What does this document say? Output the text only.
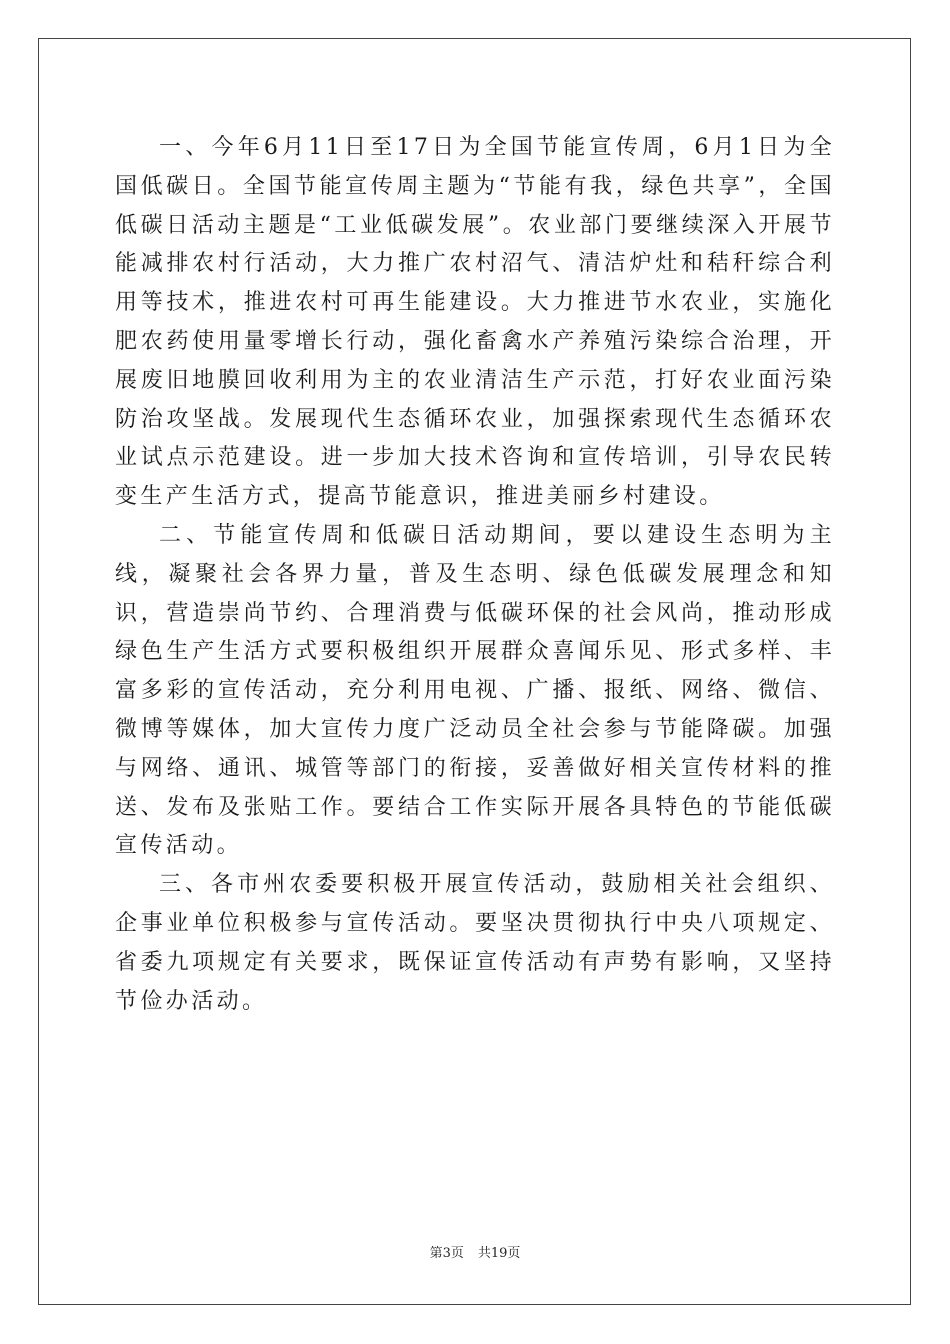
一、今年6月11日至17日为全国节能宣传周，6月1日为全国低碳日。全国节能宣传周主题为“节能有我，绿色共享”，全国低碳日活动主题是“工业低碳发展”。农业部门要继续深入开展节能减排农村行活动，大力推广农村沼气、清洁炉灶和秸秆综合利用等技术，推进农村可再生能建设。大力推进节水农业，实施化肥农药使用量零增长行动，强化畜禽水产养殖污染综合治理，开展废旧地膜回收利用为主的农业清洁生产示范，打好农业面污染防治攻坚战。发展现代生态循环农业，加强探索现代生态循环农业试点示范建设。进一步加大技术咨询和宣传培训，引导农民转变生产生活方式，提高节能意识，推进美丽乡村建设。

二、节能宣传周和低碳日活动期间，要以建设生态明为主线，凝聚社会各界力量，普及生态明、绿色低碳发展理念和知识，营造崇尚节约、合理消费与低碳环保的社会风尚，推动形成绿色生产生活方式要积极组织开展群众喜闻乐见、形式多样、丰富多彩的宣传活动，充分利用电视、广播、报纸、网络、微信、微博等媒体，加大宣传力度广泛动员全社会参与节能降碳。加强与网络、通讯、城管等部门的衔接，妥善做好相关宣传材料的推送、发布及张贴工作。要结合工作实际开展各具特色的节能低碳宣传活动。

三、各市州农委要积极开展宣传活动，鼓励相关社会组织、企事业单位积极参与宣传活动。要坚决贯彻执行中央八项规定、省委九项规定有关要求，既保证宣传活动有声势有影响，又坚持节俭办活动。

第3页 共19页
